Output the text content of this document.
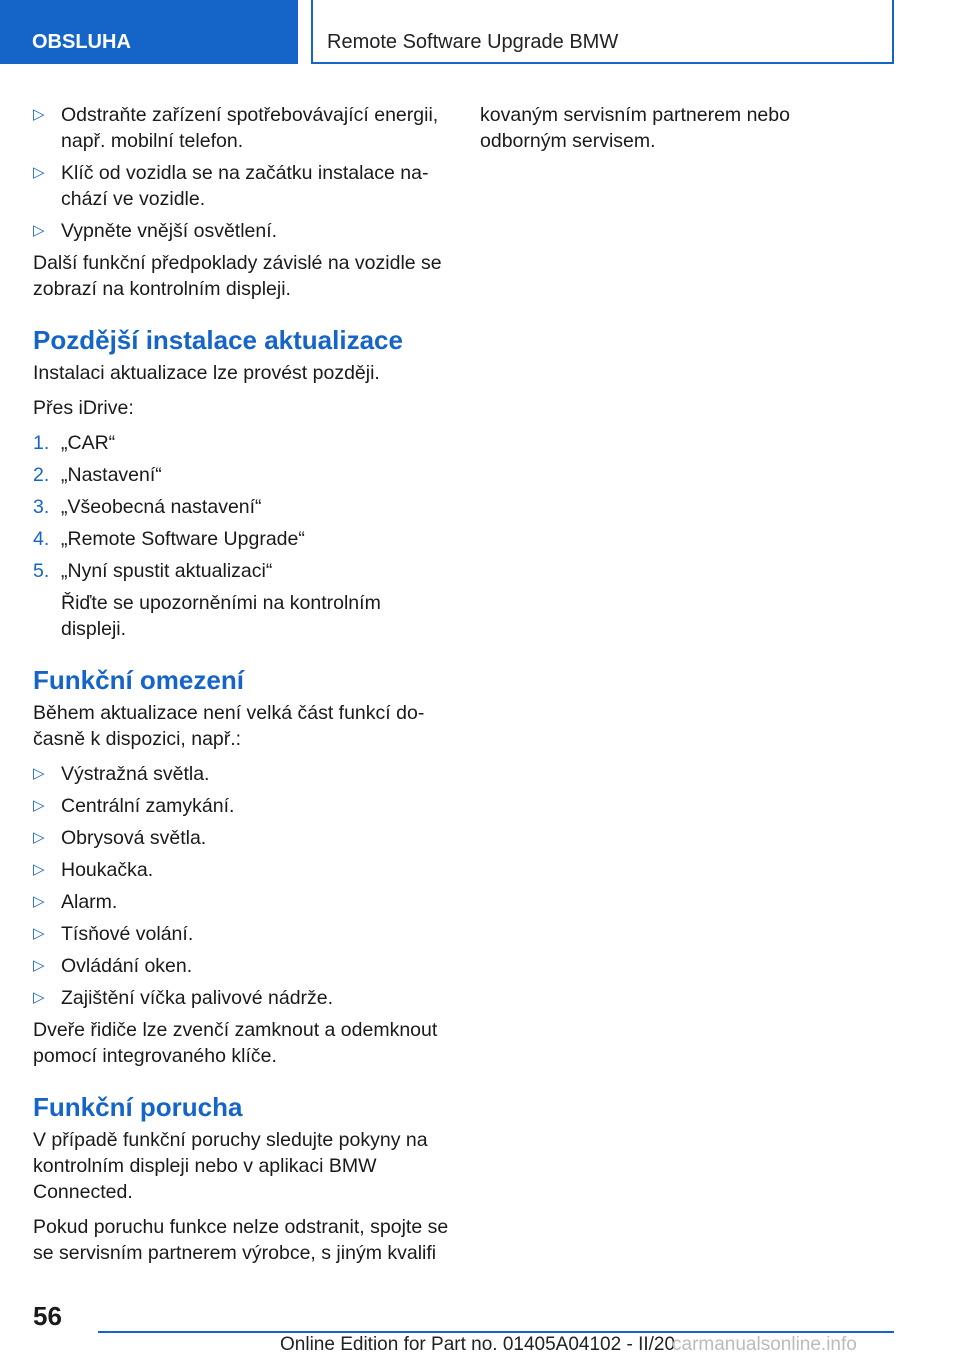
OBSLUHA	Remote Software Upgrade BMW
▷ Odstraňte zařízení spotřebovávající energii, např. mobilní telefon.
▷ Klíč od vozidla se na začátku instalace nachází ve vozidle.
▷ Vypněte vnější osvětlení.

Další funkční předpoklady závislé na vozidle se zobrazí na kontrolním displeji.

Pozdější instalace aktualizace

Instalaci aktualizace lze provést později.

Přes iDrive:

1. „CAR“
2. „Nastavení“
3. „Všeobecná nastavení“
4. „Remote Software Upgrade“
5. „Nyní spustit aktualizaci“
Řiďte se upozorněními na kontrolním displeji.
Funkční omezení

Během aktualizace není velká část funkcí dočasně k dispozici, např.:

▷ Výstražná světla.
▷ Centrální zamykání.
▷ Obrysová světla.
▷ Houkačka.
▷ Alarm.
▷ Tísňové volání.
▷ Ovládání oken.
▷ Zajištění víčka palivové nádrže.

Dveře řidiče lze zvenčí zamknout a odemknout pomocí integrovaného klíče.

Funkční porucha

V případě funkční poruchy sledujte pokyny na kontrolním displeji nebo v aplikaci BMW Connected.

Pokud poruchu funkce nelze odstranit, spojte se se servisním partnerem výrobce, s jiným kvalifi

kovaným servisním partnerem nebo odborným servisem.

56
Online Edition for Part no. 01405A04102 - II/20
carmanualsonline.info
